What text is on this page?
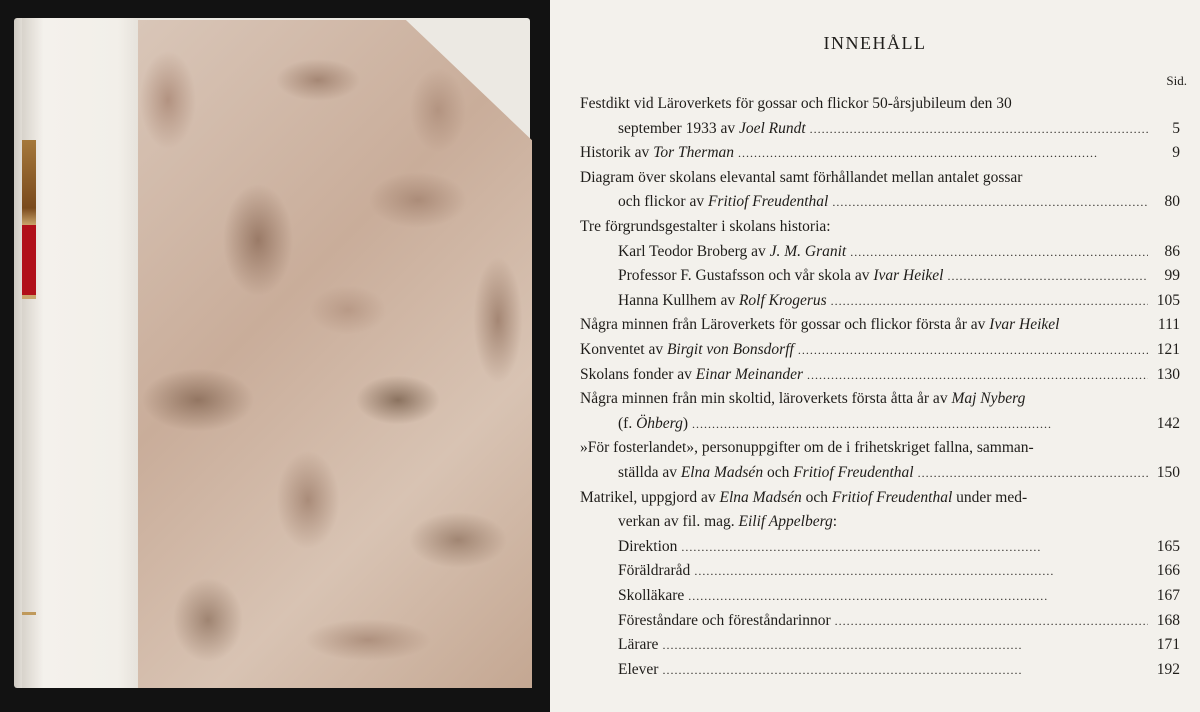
INNEHÅLL
Sid.
Festdikt vid Läroverkets för gossar och flickor 50-årsjubileum den 30
september 1933 av Joel Rundt . . .	5
Historik av Tor Therman . . .	9
Diagram över skolans elevantal samt förhållandet mellan antalet gossar
och flickor av Fritiof Freudenthal . . .	80
Tre förgrundsgestalter i skolans historia:
Karl Teodor Broberg av J. M. Granit . . .	86
Professor F. Gustafsson och vår skola av Ivar Heikel . . .	99
Hanna Kullhem av Rolf Krogerus . . .	105
Några minnen från Läroverkets för gossar och flickor första år av Ivar Heikel	111
Konventet av Birgit von Bonsdorff . . .	121
Skolans fonder av Einar Meinander . . .	130
Några minnen från min skoltid, läroverkets första åtta år av Maj Nyberg
(f. Öhberg) . . .	142
»För fosterlandet», personuppgifter om de i frihetskriget fallna, samman-
ställda av Elna Madsén och Fritiof Freudenthal . . .	150
Matrikel, uppgjord av Elna Madsén och Fritiof Freudenthal under med-
verkan av fil. mag. Eilif Appelberg:
Direktion . . .	165
Föräldraråd . . .	166
Skolläkare . . .	167
Föreståndare och föreståndarinnor . . .	168
Lärare . . .	171
Elever . . .	192
